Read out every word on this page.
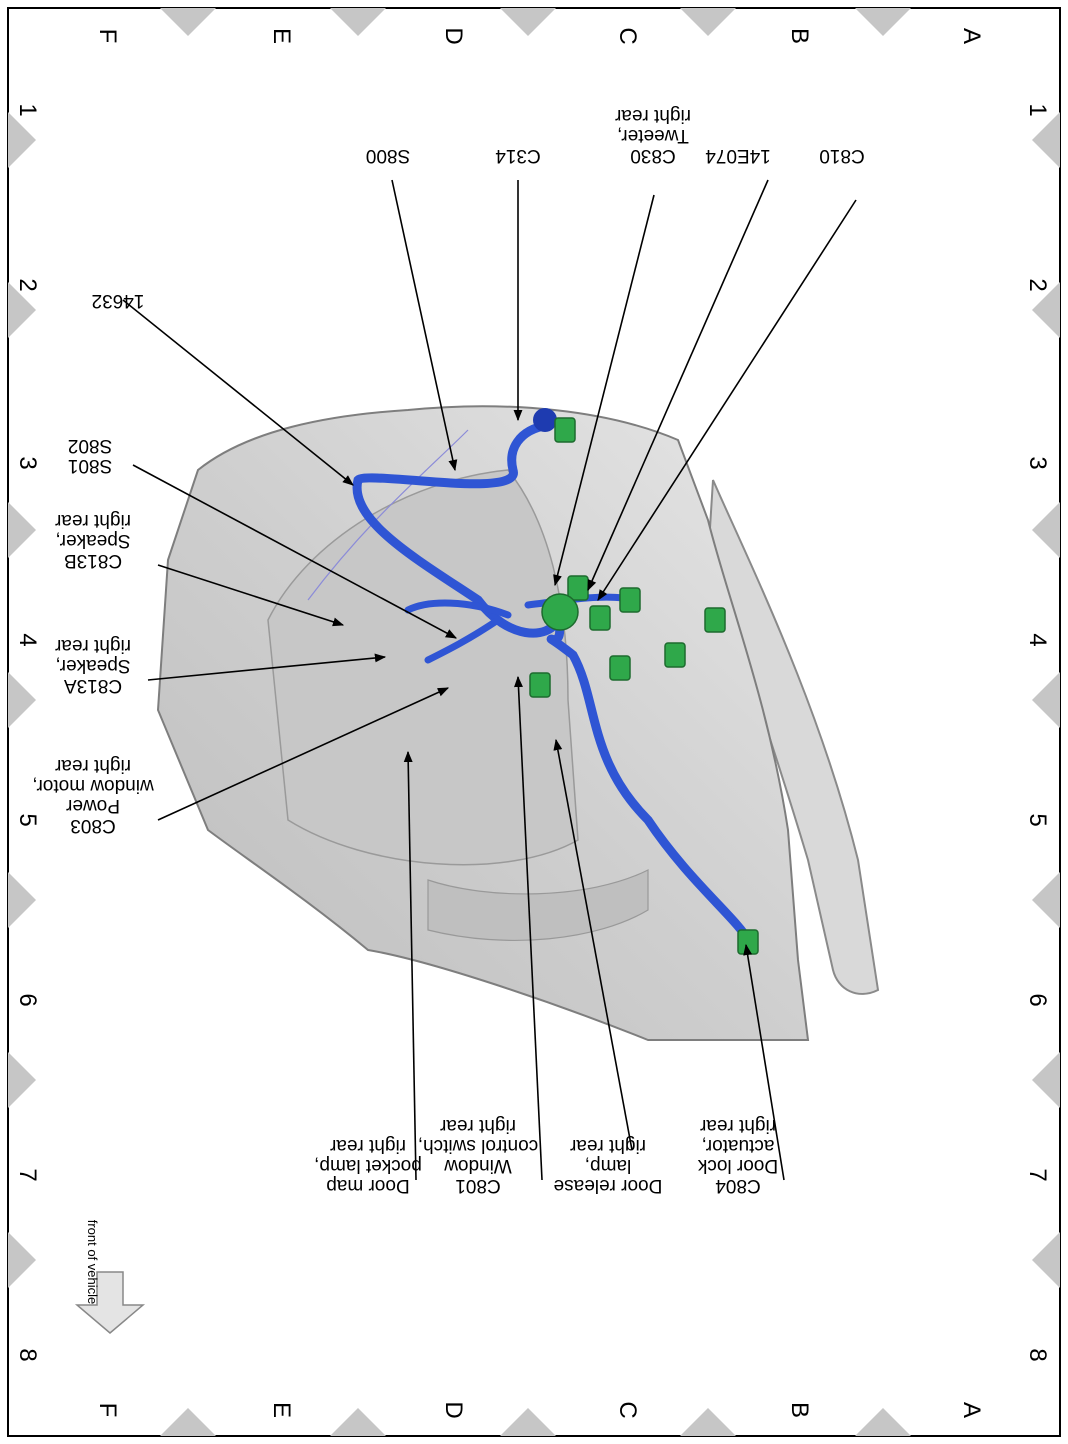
1
1
2
2
3
3
4
4
5
5
6
6
7
7
8
8
A
A
B
B
C
C
D
D
E
E
F
F
C810
14E074
C830Tweeter,right rear
C314
S800
14632
S801S802
C813BSpeaker,right rear
C813ASpeaker,right rear
C803Powerwindow motor,right rear
C804Door lockactuator,right rear
Door releaselamp,right rear
C801Windowcontrol switch,right rear
Door mappocket lamp,right rear
front of vehicle
